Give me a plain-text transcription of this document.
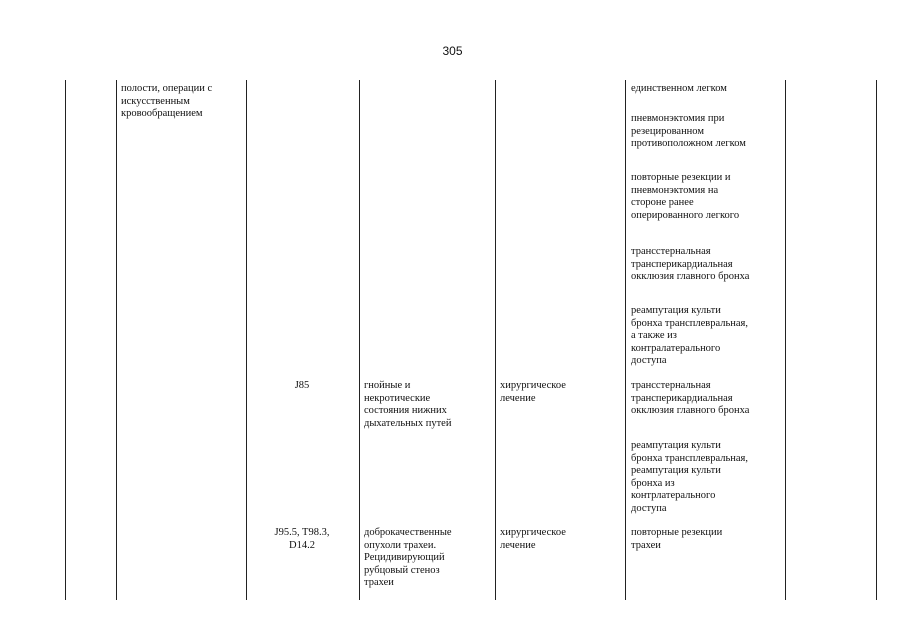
305
полости, операции с
искусственным
кровообращением
J85
J95.5, T98.3,
D14.2
гнойные и
некротические
состояния нижних
дыхательных путей
доброкачественные
опухоли трахеи.
Рецидивирующий
рубцовый стеноз
трахеи
хирургическое
лечение
хирургическое
лечение
единственном легком
пневмонэктомия при
резецированном
противоположном легком
повторные резекции и
пневмонэктомия на
стороне ранее
оперированного легкого
трансстернальная
трансперикардиальная
окклюзия главного бронха
реампутация культи
бронха трансплевральная,
а также из
контралатерального
доступа
трансстернальная
трансперикардиальная
окклюзия главного бронха
реампутация культи
бронха трансплевральная,
реампутация культи
бронха из
контрлатерального
доступа
повторные резекции
трахеи
